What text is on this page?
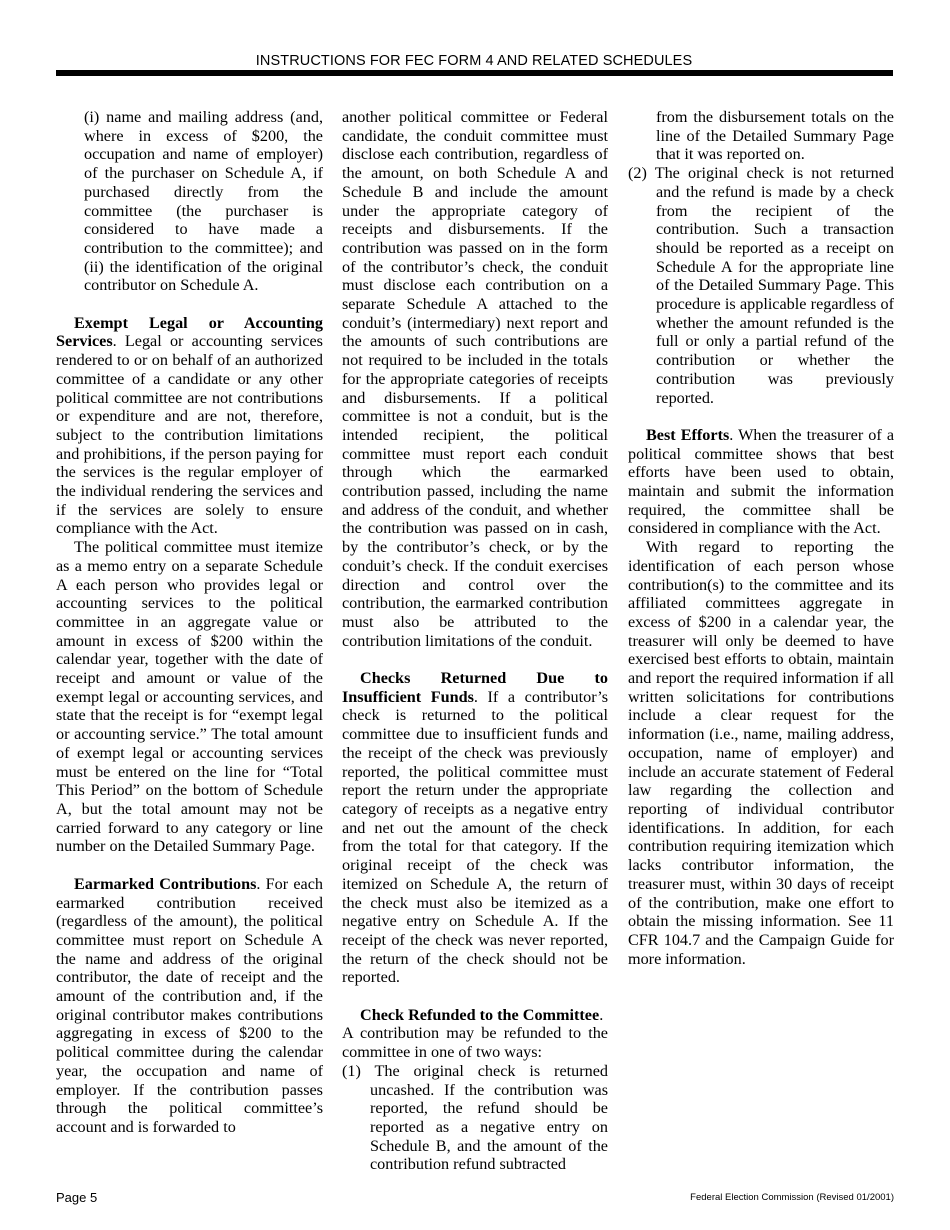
INSTRUCTIONS FOR FEC FORM 4 AND RELATED SCHEDULES

(i) name and mailing address (and, where in excess of $200, the occupation and name of employer) of the purchaser on Schedule A, if purchased directly from the committee (the purchaser is considered to have made a contribution to the committee); and (ii) the identification of the original contributor on Schedule A.

Exempt Legal or Accounting Services. Legal or accounting services rendered to or on behalf of an authorized committee of a candidate or any other political committee are not contributions or expenditure and are not, therefore, subject to the contribution limitations and prohibitions, if the person paying for the services is the regular employer of the individual rendering the services and if the services are solely to ensure compliance with the Act.

The political committee must itemize as a memo entry on a separate Schedule A each person who provides legal or accounting services to the political committee in an aggregate value or amount in excess of $200 within the calendar year, together with the date of receipt and amount or value of the exempt legal or accounting services, and state that the receipt is for “exempt legal or accounting service.” The total amount of exempt legal or accounting services must be entered on the line for “Total This Period” on the bottom of Schedule A, but the total amount may not be carried forward to any category or line number on the Detailed Summary Page.

Earmarked Contributions. For each earmarked contribution received (regardless of the amount), the political committee must report on Schedule A the name and address of the original contributor, the date of receipt and the amount of the contribution and, if the original contributor makes contributions aggregating in excess of $200 to the political committee during the calendar year, the occupation and name of employer. If the contribution passes through the political committee’s account and is forwarded to

another political committee or Federal candidate, the conduit committee must disclose each contribution, regardless of the amount, on both Schedule A and Schedule B and include the amount under the appropriate category of receipts and disbursements. If the contribution was passed on in the form of the contributor’s check, the conduit must disclose each contribution on a separate Schedule A attached to the conduit’s (intermediary) next report and the amounts of such contributions are not required to be included in the totals for the appropriate categories of receipts and disbursements. If a political committee is not a conduit, but is the intended recipient, the political committee must report each conduit through which the earmarked contribution passed, including the name and address of the conduit, and whether the contribution was passed on in cash, by the contributor’s check, or by the conduit’s check. If the conduit exercises direction and control over the contribution, the earmarked contribution must also be attributed to the contribution limitations of the conduit.

Checks Returned Due to Insufficient Funds. If a contributor’s check is returned to the political committee due to insufficient funds and the receipt of the check was previously reported, the political committee must report the return under the appropriate category of receipts as a negative entry and net out the amount of the check from the total for that category. If the original receipt of the check was itemized on Schedule A, the return of the check must also be itemized as a negative entry on Schedule A. If the receipt of the check was never reported, the return of the check should not be reported.

Check Refunded to the Committee.

A contribution may be refunded to the committee in one of two ways:

(1) The original check is returned uncashed. If the contribution was reported, the refund should be reported as a negative entry on Schedule B, and the amount of the contribution refund subtracted

from the disbursement totals on the line of the Detailed Summary Page that it was reported on.

(2) The original check is not returned and the refund is made by a check from the recipient of the contribution. Such a transaction should be reported as a receipt on Schedule A for the appropriate line of the Detailed Summary Page. This procedure is applicable regardless of whether the amount refunded is the full or only a partial refund of the contribution or whether the contribution was previously reported.

Best Efforts. When the treasurer of a political committee shows that best efforts have been used to obtain, maintain and submit the information required, the committee shall be considered in compliance with the Act.

With regard to reporting the identification of each person whose contribution(s) to the committee and its affiliated committees aggregate in excess of $200 in a calendar year, the treasurer will only be deemed to have exercised best efforts to obtain, maintain and report the required information if all written solicitations for contributions include a clear request for the information (i.e., name, mailing address, occupation, name of employer) and include an accurate statement of Federal law regarding the collection and reporting of individual contributor identifications. In addition, for each contribution requiring itemization which lacks contributor information, the treasurer must, within 30 days of receipt of the contribution, make one effort to obtain the missing information. See 11 CFR 104.7 and the Campaign Guide for more information.

Page 5	Federal Election Commission (Revised 01/2001)
